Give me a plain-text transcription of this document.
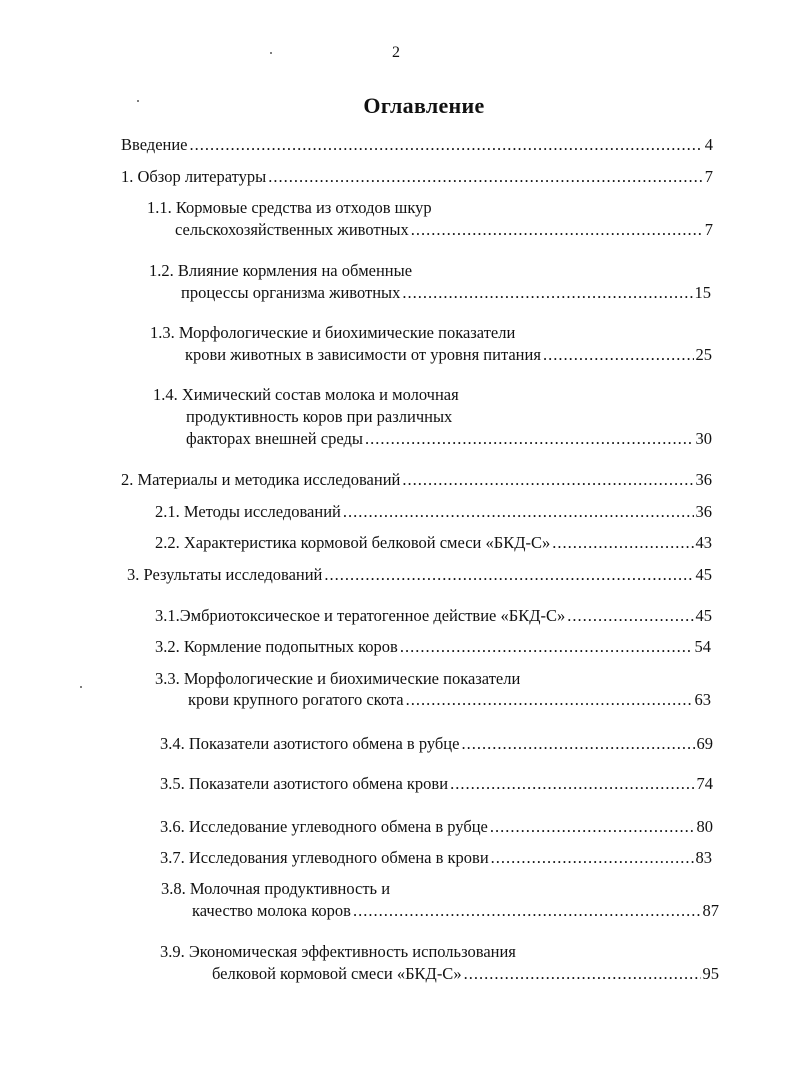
2
Оглавление
Введение .....	4
1. Обзор литературы .....	7
1.1. Кормовые средства из отходов шкур
сельскохозяйственных животных .....	7
1.2. Влияние кормления на обменные
процессы организма животных .....	15
1.3. Морфологические и биохимические показатели
крови животных в зависимости от уровня питания .....	25
1.4. Химический состав молока и молочная
продуктивность коров при различных
факторах внешней среды .....	30
2. Материалы и методика исследований .....	36
2.1. Методы исследований .....	36
2.2. Характеристика кормовой белковой смеси «БКД-С» .....	43
3. Результаты исследований .....	45
3.1.Эмбриотоксическое и тератогенное действие «БКД-С» .....	45
3.2. Кормление подопытных коров .....	54
3.3. Морфологические и биохимические показатели
крови крупного рогатого скота .....	63
3.4. Показатели азотистого обмена в рубце .....	69
3.5. Показатели азотистого обмена крови .....	74
3.6. Исследование углеводного обмена в рубце .....	80
3.7. Исследования углеводного обмена в крови .....	83
3.8. Молочная продуктивность и
качество молока коров .....	87
3.9. Экономическая эффективность использования
белковой кормовой смеси «БКД-С» .....	95
